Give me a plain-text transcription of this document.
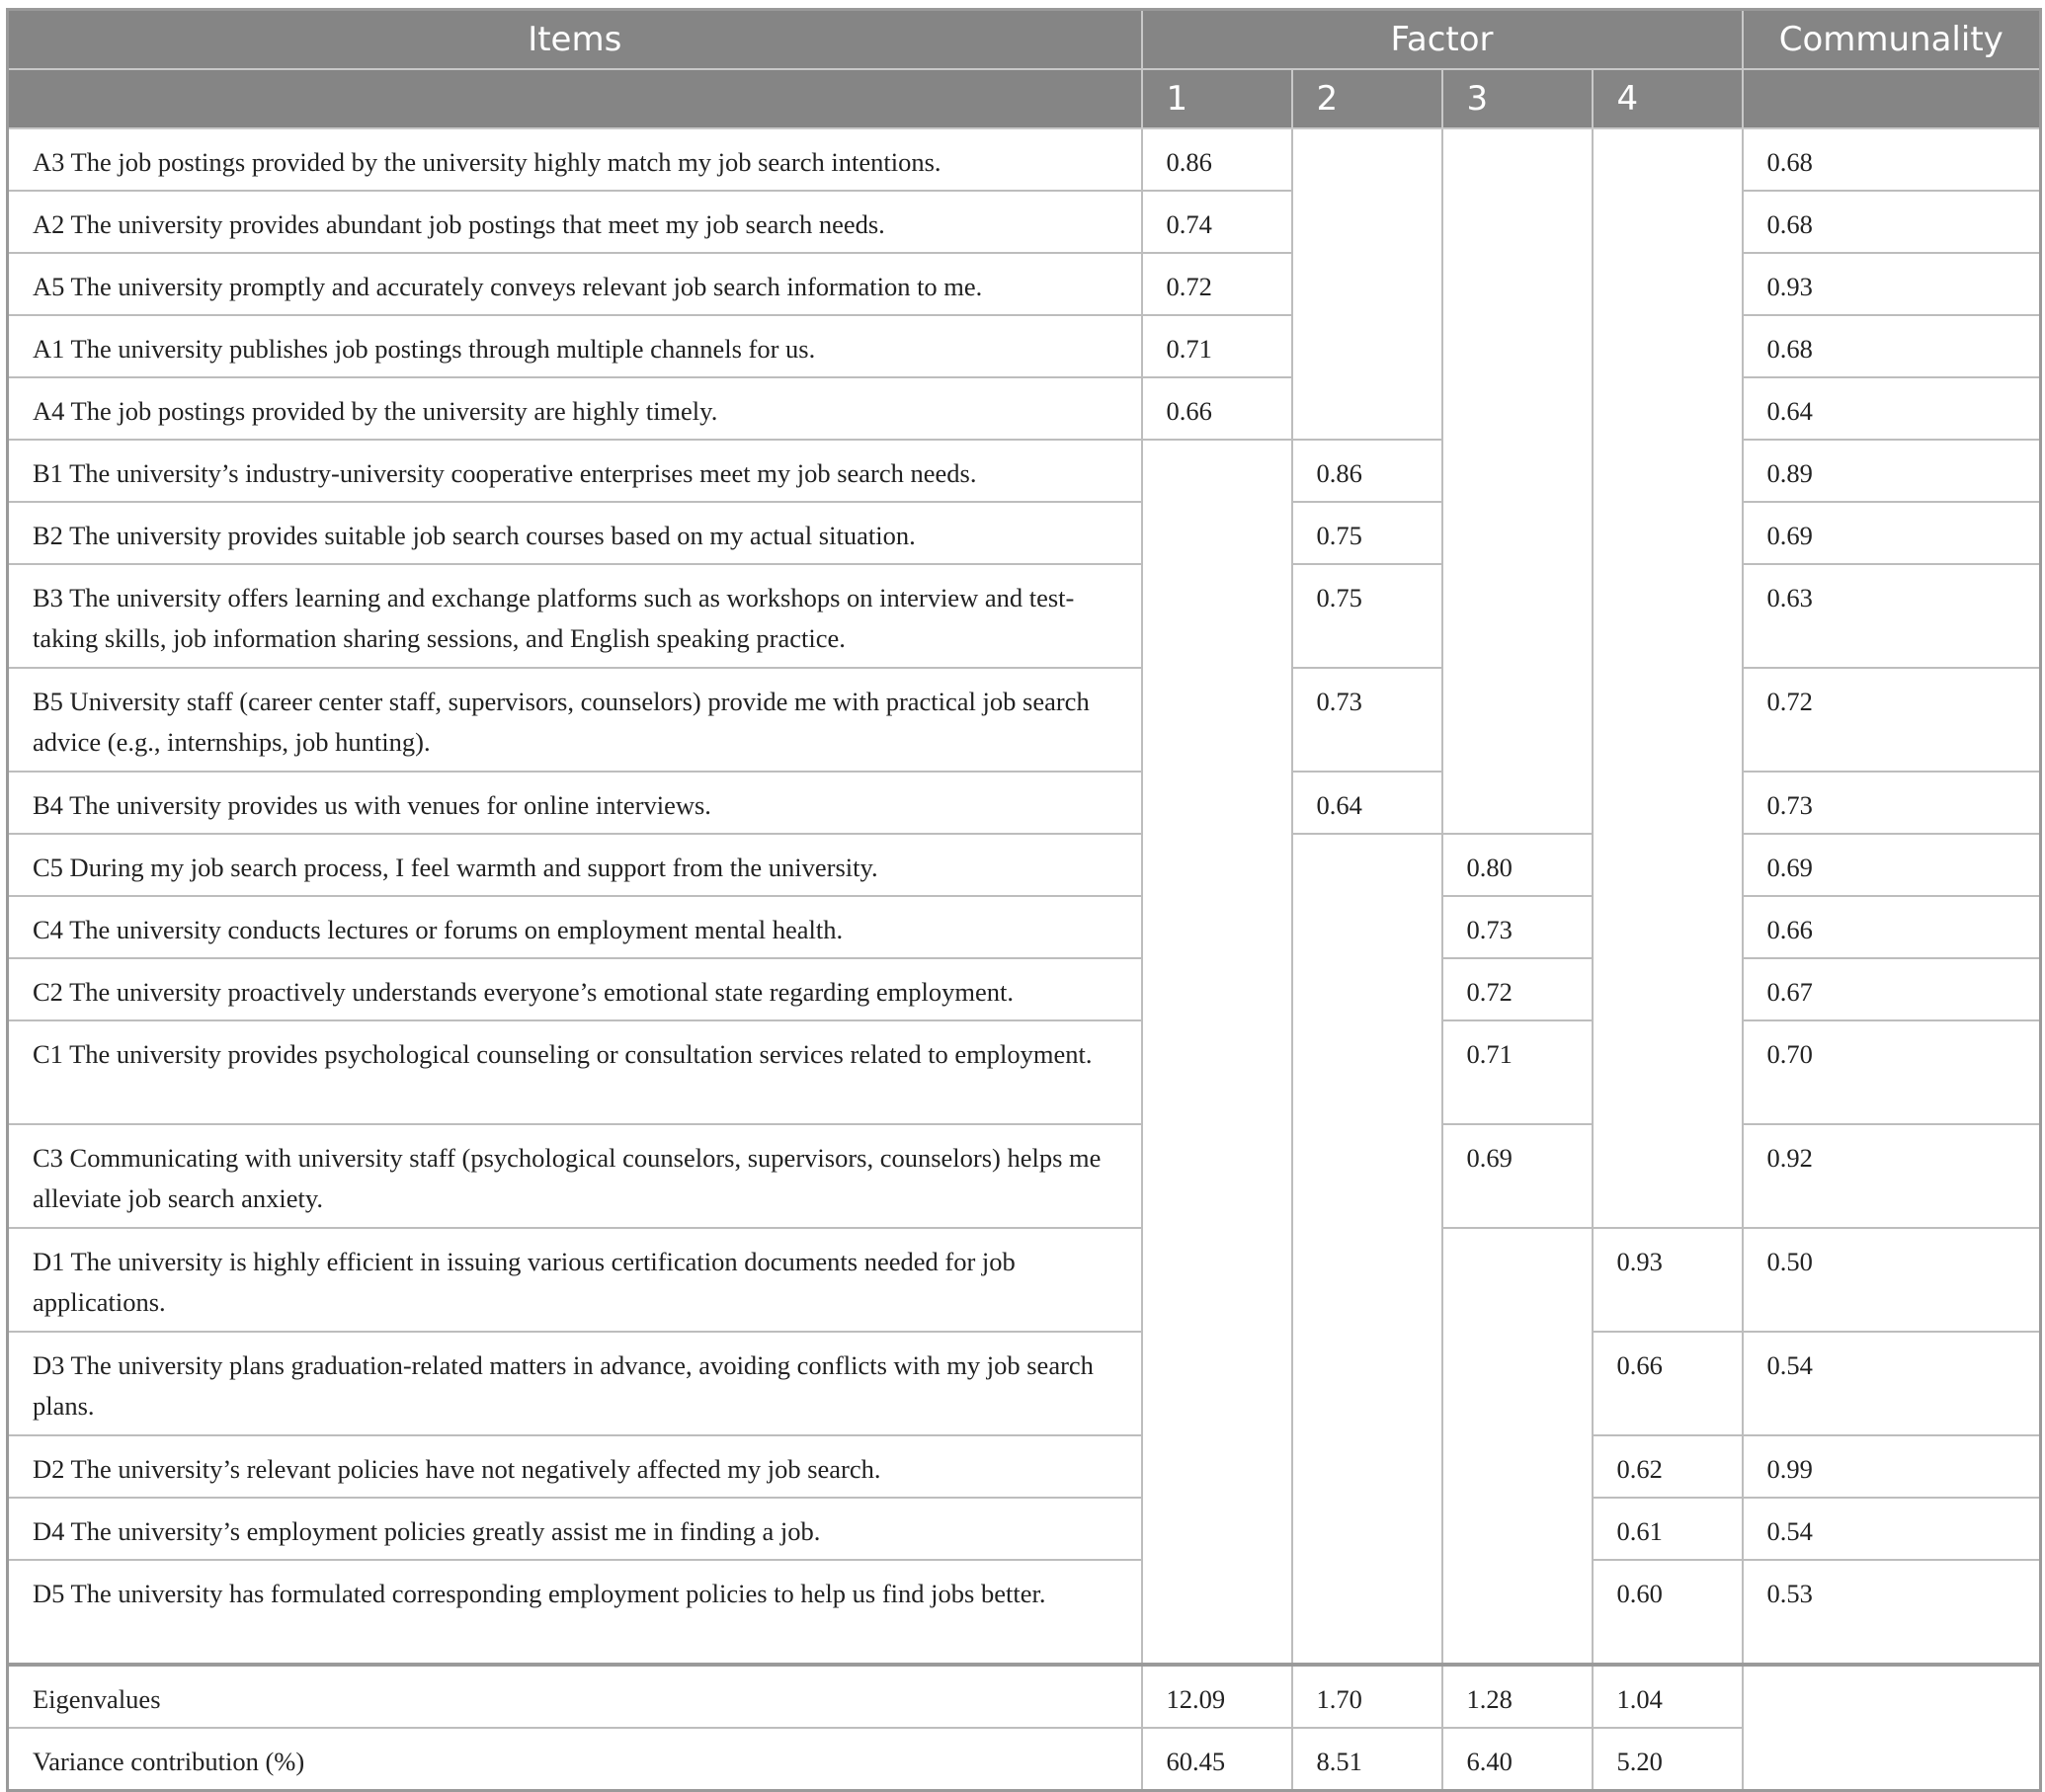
Items	Factor				Communality
	1	2	3	4	
A3 The job postings provided by the university highly match my job search intentions.	0.86				0.68
A2 The university provides abundant job postings that meet my job search needs.	0.74				0.68
A5 The university promptly and accurately conveys relevant job search information to me.	0.72				0.93
A1 The university publishes job postings through multiple channels for us.	0.71				0.68
A4 The job postings provided by the university are highly timely.	0.66				0.64
B1 The university’s industry-university cooperative enterprises meet my job search needs.		0.86			0.89
B2 The university provides suitable job search courses based on my actual situation.		0.75			0.69
B3 The university offers learning and exchange platforms such as workshops on interview and test-taking skills, job information sharing sessions, and English speaking practice.		0.75			0.63
B5 University staff (career center staff, supervisors, counselors) provide me with practical job search advice (e.g., internships, job hunting).		0.73			0.72
B4 The university provides us with venues for online interviews.		0.64			0.73
C5 During my job search process, I feel warmth and support from the university.			0.80		0.69
C4 The university conducts lectures or forums on employment mental health.			0.73		0.66
C2 The university proactively understands everyone’s emotional state regarding employment.			0.72		0.67
C1 The university provides psychological counseling or consultation services related to employment.			0.71		0.70
C3 Communicating with university staff (psychological counselors, supervisors, counselors) helps me alleviate job search anxiety.			0.69		0.92
D1 The university is highly efficient in issuing various certification documents needed for job applications.				0.93	0.50
D3 The university plans graduation-related matters in advance, avoiding conflicts with my job search plans.				0.66	0.54
D2 The university’s relevant policies have not negatively affected my job search.				0.62	0.99
D4 The university’s employment policies greatly assist me in finding a job.				0.61	0.54
D5 The university has formulated corresponding employment policies to help us find jobs better.				0.60	0.53
Eigenvalues	12.09	1.70	1.28	1.04	
Variance contribution (%)	60.45	8.51	6.40	5.20	
